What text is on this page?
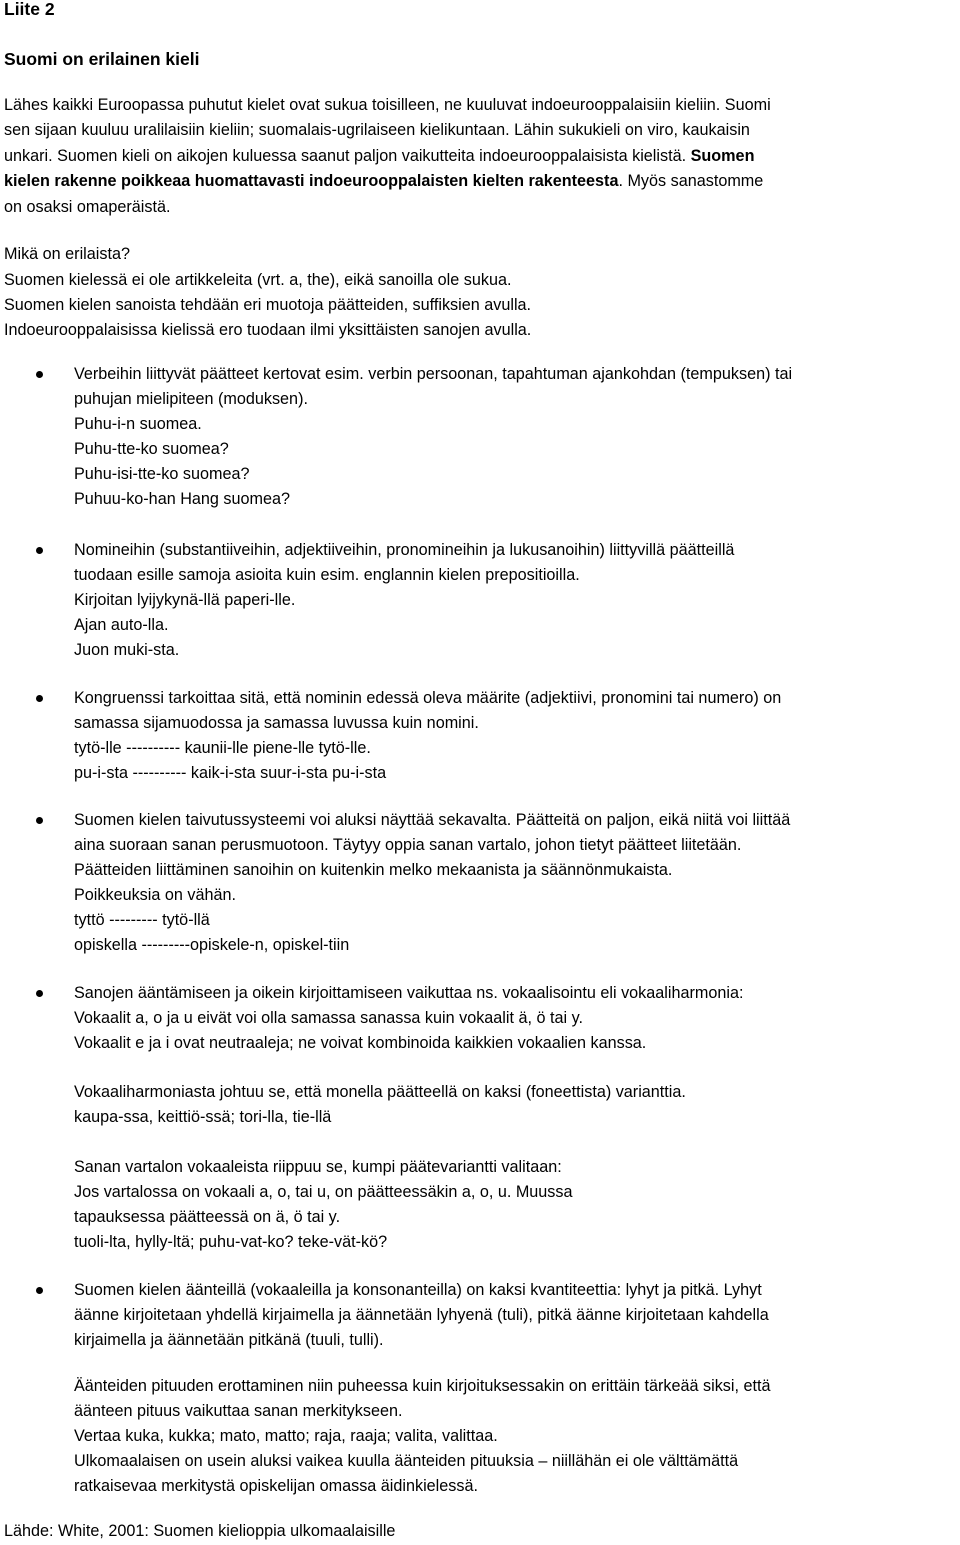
Liite 2
Suomi on erilainen kieli
Lähes kaikki Euroopassa puhutut kielet ovat sukua toisilleen, ne kuuluvat indoeurooppalaisiin kieliin. Suomi
sen sijaan kuuluu uralilaisiin kieliin; suomalais-ugrilaiseen kielikuntaan. Lähin sukukieli on viro, kaukaisin
unkari. Suomen kieli on aikojen kuluessa saanut paljon vaikutteita indoeurooppalaisista kielistä. Suomen
kielen rakenne poikkeaa huomattavasti indoeurooppalaisten kielten rakenteesta. Myös sanastomme
on osaksi omaperäistä.
Mikä on erilaista?
Suomen kielessä ei ole artikkeleita (vrt. a, the), eikä sanoilla ole sukua.
Suomen kielen sanoista tehdään eri muotoja päätteiden, suffiksien avulla.
Indoeurooppalaisissa kielissä ero tuodaan ilmi yksittäisten sanojen avulla.
Verbeihin liittyvät päätteet kertovat esim. verbin persoonan, tapahtuman ajankohdan (tempuksen) tai
puhujan mielipiteen (moduksen).
Puhu-i-n suomea.
Puhu-tte-ko suomea?
Puhu-isi-tte-ko suomea?
Puhuu-ko-han Hang suomea?
Nomineihin (substantiiveihin, adjektiiveihin, pronomineihin ja lukusanoihin) liittyvillä päätteillä
tuodaan esille samoja asioita kuin esim. englannin kielen prepositioilla.
Kirjoitan lyijykynä-llä paperi-lle.
Ajan auto-lla.
Juon muki-sta.
Kongruenssi tarkoittaa sitä, että nominin edessä oleva määrite (adjektiivi, pronomini tai numero) on
samassa sijamuodossa ja samassa luvussa kuin nomini.
tytö-lle ---------- kaunii-lle piene-lle tytö-lle.
pu-i-sta ---------- kaik-i-sta suur-i-sta pu-i-sta
Suomen kielen taivutussysteemi voi aluksi näyttää sekavalta. Päätteitä on paljon, eikä niitä voi liittää
aina suoraan sanan perusmuotoon. Täytyy oppia sanan vartalo, johon tietyt päätteet liitetään.
Päätteiden liittäminen sanoihin on kuitenkin melko mekaanista ja säännönmukaista.
Poikkeuksia on vähän.
tyttö --------- tytö-llä
opiskella ---------opiskele-n, opiskel-tiin
Sanojen ääntämiseen ja oikein kirjoittamiseen vaikuttaa ns. vokaalisointu eli vokaaliharmonia:
Vokaalit a, o ja u eivät voi olla samassa sanassa kuin vokaalit ä, ö tai y.
Vokaalit e ja i ovat neutraaleja; ne voivat kombinoida kaikkien vokaalien kanssa.
Vokaaliharmoniasta johtuu se, että monella päätteellä on kaksi (foneettista) varianttia.
kaupa-ssa, keittiö-ssä; tori-lla, tie-llä
Sanan vartalon vokaaleista riippuu se, kumpi päätevariantti valitaan:
Jos vartalossa on vokaali a, o, tai u, on päätteessäkin a, o, u. Muussa
tapauksessa päätteessä on ä, ö tai y.
tuoli-lta, hylly-ltä; puhu-vat-ko? teke-vät-kö?
Suomen kielen äänteillä (vokaaleilla ja konsonanteilla) on kaksi kvantiteettia: lyhyt ja pitkä. Lyhyt
äänne kirjoitetaan yhdellä kirjaimella ja äännetään lyhyenä (tuli), pitkä äänne kirjoitetaan kahdella
kirjaimella ja äännetään pitkänä (tuuli, tulli).
Äänteiden pituuden erottaminen niin puheessa kuin kirjoituksessakin on erittäin tärkeää siksi, että
äänteen pituus vaikuttaa sanan merkitykseen.
Vertaa kuka, kukka; mato, matto; raja, raaja; valita, valittaa.
Ulkomaalaisen on usein aluksi vaikea kuulla äänteiden pituuksia – niillähän ei ole välttämättä
ratkaisevaa merkitystä opiskelijan omassa äidinkielessä.
Lähde: White, 2001: Suomen kielioppia ulkomaalaisille
